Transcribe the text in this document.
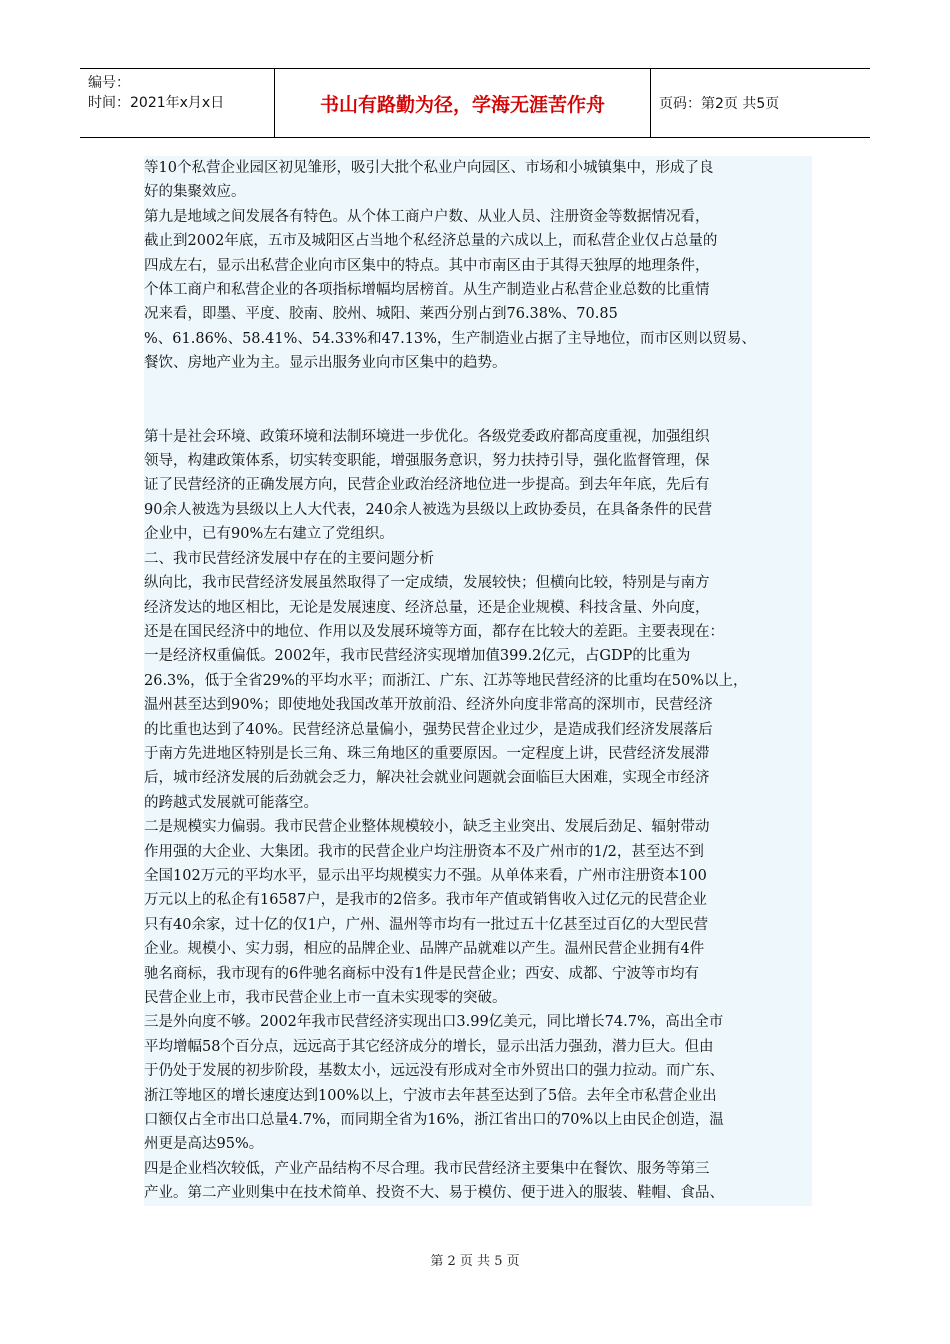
编号：
时间：2021年x月x日	书山有路勤为径，学海无涯苦作舟	页码：第2页 共5页

等10个私营企业园区初见雏形，吸引大批个私业户向园区、市场和小城镇集中，形成了良

好的集聚效应。

第九是地域之间发展各有特色。从个体工商户户数、从业人员、注册资金等数据情况看，

截止到2002年底，五市及城阳区占当地个私经济总量的六成以上，而私营企业仅占总量的

四成左右，显示出私营企业向市区集中的特点。其中市南区由于其得天独厚的地理条件，

个体工商户和私营企业的各项指标增幅均居榜首。从生产制造业占私营企业总数的比重情

况来看，即墨、平度、胶南、胶州、城阳、莱西分别占到76.38%、70.85

%、61.86%、58.41%、54.33%和47.13%，生产制造业占据了主导地位，而市区则以贸易、

餐饮、房地产业为主。显示出服务业向市区集中的趋势。

第十是社会环境、政策环境和法制环境进一步优化。各级党委政府都高度重视，加强组织

领导，构建政策体系，切实转变职能，增强服务意识，努力扶持引导，强化监督管理，保

证了民营经济的正确发展方向，民营企业政治经济地位进一步提高。到去年年底，先后有

90余人被选为县级以上人大代表，240余人被选为县级以上政协委员，在具备条件的民营

企业中，已有90%左右建立了党组织。

二、我市民营经济发展中存在的主要问题分析

纵向比，我市民营经济发展虽然取得了一定成绩，发展较快；但横向比较，特别是与南方

经济发达的地区相比，无论是发展速度、经济总量，还是企业规模、科技含量、外向度，

还是在国民经济中的地位、作用以及发展环境等方面，都存在比较大的差距。主要表现在：

一是经济权重偏低。2002年，我市民营经济实现增加值399.2亿元，占GDP的比重为

26.3%，低于全省29%的平均水平；而浙江、广东、江苏等地民营经济的比重均在50%以上，

温州甚至达到90%；即使地处我国改革开放前沿、经济外向度非常高的深圳市，民营经济

的比重也达到了40%。民营经济总量偏小，强势民营企业过少，是造成我们经济发展落后

于南方先进地区特别是长三角、珠三角地区的重要原因。一定程度上讲，民营经济发展滞

后，城市经济发展的后劲就会乏力，解决社会就业问题就会面临巨大困难，实现全市经济

的跨越式发展就可能落空。

二是规模实力偏弱。我市民营企业整体规模较小，缺乏主业突出、发展后劲足、辐射带动

作用强的大企业、大集团。我市的民营企业户均注册资本不及广州市的1/2，甚至达不到

全国102万元的平均水平，显示出平均规模实力不强。从单体来看，广州市注册资本100

万元以上的私企有16587户，是我市的2倍多。我市年产值或销售收入过亿元的民营企业

只有40余家，过十亿的仅1户，广州、温州等市均有一批过五十亿甚至过百亿的大型民营

企业。规模小、实力弱，相应的品牌企业、品牌产品就难以产生。温州民营企业拥有4件

驰名商标，我市现有的6件驰名商标中没有1件是民营企业；西安、成都、宁波等市均有

民营企业上市，我市民营企业上市一直未实现零的突破。

三是外向度不够。2002年我市民营经济实现出口3.99亿美元，同比增长74.7%，高出全市

平均增幅58个百分点，远远高于其它经济成分的增长，显示出活力强劲，潜力巨大。但由

于仍处于发展的初步阶段，基数太小，远远没有形成对全市外贸出口的强力拉动。而广东、

浙江等地区的增长速度达到100%以上，宁波市去年甚至达到了5倍。去年全市私营企业出

口额仅占全市出口总量4.7%，而同期全省为16%，浙江省出口的70%以上由民企创造，温

州更是高达95%。

四是企业档次较低，产业产品结构不尽合理。我市民营经济主要集中在餐饮、服务等第三

产业。第二产业则集中在技术简单、投资不大、易于模仿、便于进入的服装、鞋帽、食品、

第 2 页 共 5 页
